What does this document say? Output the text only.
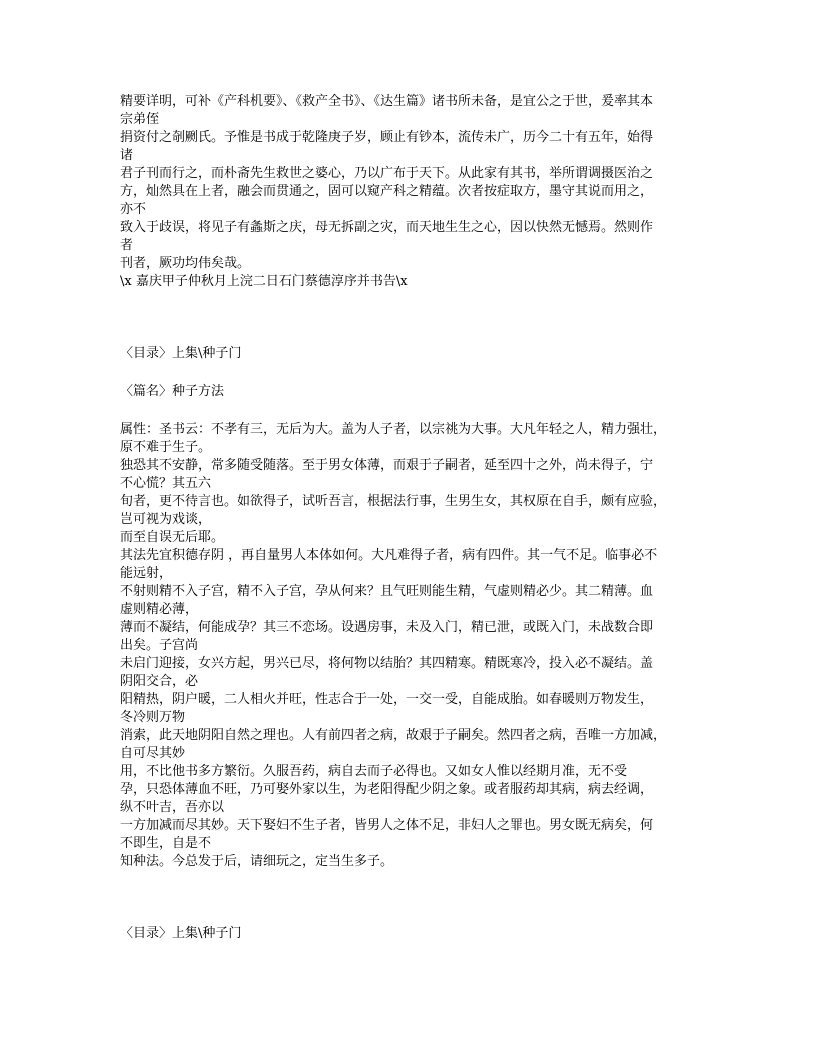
精要详明，可补《产科机要》、《救产全书》、《达生篇》诸书所未备，是宜公之于世，爰率其本

宗弟侄

捐资付之剞劂氏。予惟是书成于乾隆庚子岁，顾止有钞本，流传未广，历今二十有五年，始得

诸

君子刊而行之，而朴斋先生救世之婆心，乃以广布于天下。从此家有其书，举所谓调摄医治之

方，灿然具在上者，融会而贯通之，固可以窥产科之精蕴。次者按症取方，墨守其说而用之，

亦不

致入于歧误，将见子有螽斯之庆，母无拆副之灾，而天地生生之心，因以快然无憾焉。然则作

者

刊者，厥功均伟矣哉。

\x 嘉庆甲子仲秋月上浣二日石门蔡德淳序并书告\x

〈目录〉上集\种子门

〈篇名〉种子方法

属性：圣书云：不孝有三，无后为大。盖为人子者，以宗祧为大事。大凡年轻之人，精力强壮，

原不难于生子。

独恐其不安静，常多随受随落。至于男女体薄，而艰于子嗣者，延至四十之外，尚未得子，宁

不心慌？其五六

旬者，更不待言也。如欲得子，试听吾言，根据法行事，生男生女，其权原在自手，颇有应验，

岂可视为戏谈，

而至自误无后耶。

其法先宜积德存阴 ，再自量男人本体如何。大凡难得子者，病有四件。其一气不足。临事必不

能远射，

不射则精不入子宫，精不入子宫，孕从何来？且气旺则能生精，气虚则精必少。其二精薄。血

虚则精必薄，

薄而不凝结，何能成孕？其三不恋场。设遇房事，未及入门，精已泄，或既入门，未战数合即

出矣。子宫尚

未启门迎接，女兴方起，男兴已尽，将何物以结胎？其四精寒。精既寒冷，投入必不凝结。盖

阴阳交合，必

阳精热，阴户暖，二人相火并旺，性志合于一处，一交一受，自能成胎。如春暖则万物发生，

冬冷则万物

消索，此天地阴阳自然之理也。人有前四者之病，故艰于子嗣矣。然四者之病，吾唯一方加减，

自可尽其妙

用，不比他书多方繁衍。久服吾药，病自去而子必得也。又如女人惟以经期月准，无不受

孕，只恐体薄血不旺，乃可娶外家以生，为老阳得配少阴之象。或者服药却其病，病去经调，

纵不叶吉，吾亦以

一方加减而尽其妙。天下娶妇不生子者，皆男人之体不足，非妇人之罪也。男女既无病矣，何

不即生，自是不

知种法。今总发于后，请细玩之，定当生多子。

〈目录〉上集\种子门
